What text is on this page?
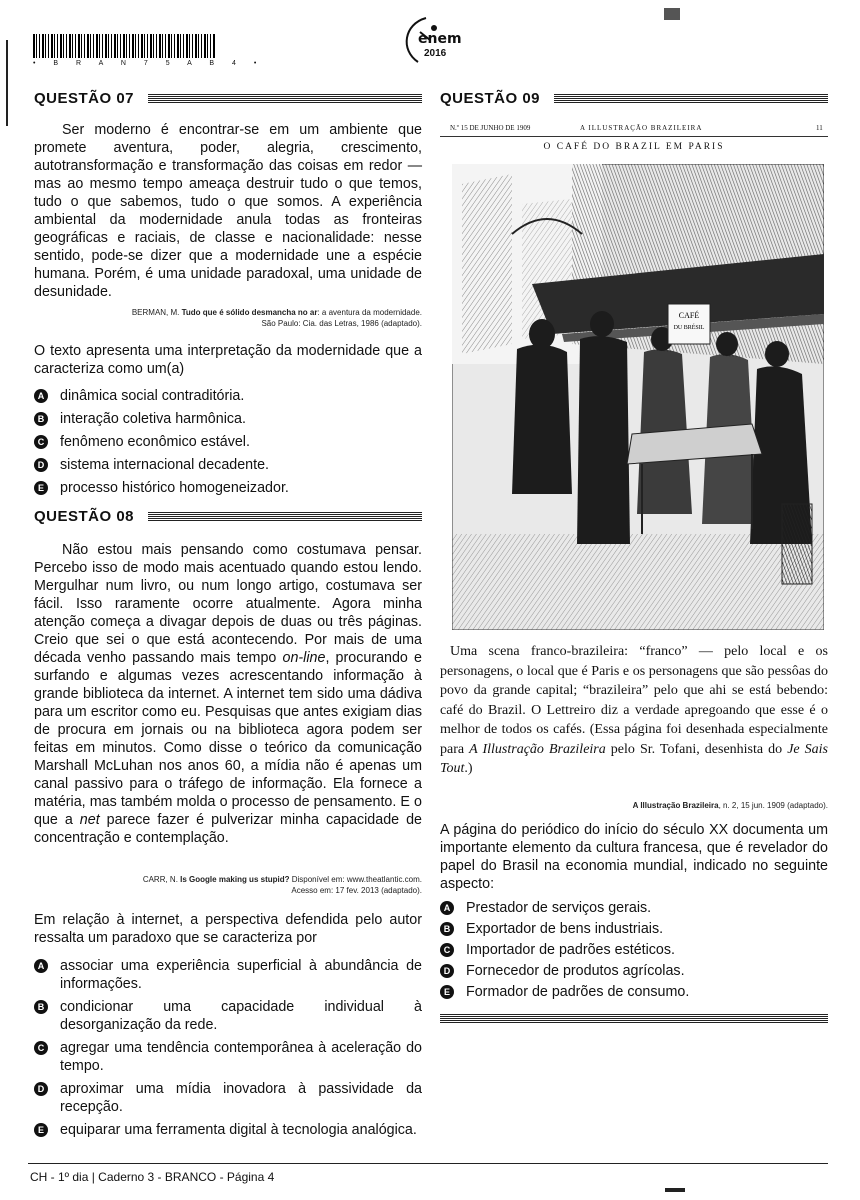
• B R A N 7 5 A B 4 •
enem
2016
QUESTÃO 07
Ser moderno é encontrar-se em um ambiente que promete aventura, poder, alegria, crescimento, autotransformação e transformação das coisas em redor — mas ao mesmo tempo ameaça destruir tudo o que temos, tudo o que sabemos, tudo o que somos. A experiência ambiental da modernidade anula todas as fronteiras geográficas e raciais, de classe e nacionalidade: nesse sentido, pode-se dizer que a modernidade une a espécie humana. Porém, é uma unidade paradoxal, uma unidade de desunidade.
BERMAN, M. Tudo que é sólido desmancha no ar: a aventura da modernidade.
São Paulo: Cia. das Letras, 1986 (adaptado).
O texto apresenta uma interpretação da modernidade que a caracteriza como um(a)
A dinâmica social contraditória.
B interação coletiva harmônica.
C fenômeno econômico estável.
D sistema internacional decadente.
E processo histórico homogeneizador.
QUESTÃO 08
Não estou mais pensando como costumava pensar. Percebo isso de modo mais acentuado quando estou lendo. Mergulhar num livro, ou num longo artigo, costumava ser fácil. Isso raramente ocorre atualmente. Agora minha atenção começa a divagar depois de duas ou três páginas. Creio que sei o que está acontecendo. Por mais de uma década venho passando mais tempo on-line, procurando e surfando e algumas vezes acrescentando informação à grande biblioteca da internet. A internet tem sido uma dádiva para um escritor como eu. Pesquisas que antes exigiam dias de procura em jornais ou na biblioteca agora podem ser feitas em minutos. Como disse o teórico da comunicação Marshall McLuhan nos anos 60, a mídia não é apenas um canal passivo para o tráfego de informação. Ela fornece a matéria, mas também molda o processo de pensamento. E o que a net parece fazer é pulverizar minha capacidade de concentração e contemplação.
CARR, N. Is Google making us stupid? Disponível em: www.theatlantic.com.
Acesso em: 17 fev. 2013 (adaptado).
Em relação à internet, a perspectiva defendida pelo autor ressalta um paradoxo que se caracteriza por
A associar uma experiência superficial à abundância de informações.
B condicionar uma capacidade individual à desorganização da rede.
C agregar uma tendência contemporânea à aceleração do tempo.
D aproximar uma mídia inovadora à passividade da recepção.
E equiparar uma ferramenta digital à tecnologia analógica.
QUESTÃO 09
N.º 15 DE JUNHO DE 1909	A ILLUSTRAÇÃO BRAZILEIRA	11
O CAFÉ DO BRAZIL EM PARIS
CAFÉ
DU BRÉSIL
Uma scena franco-brazileira: “franco” — pelo local e os personagens, o local que é Paris e os personagens que são pessôas do povo da grande capital; “brazileira” pelo que ahi se está bebendo: café do Brazil. O Lettreiro diz a verdade apregoando que esse é o melhor de todos os cafés. (Essa página foi desenhada especialmente para A Illustração Brazileira pelo Sr. Tofani, desenhista do Je Sais Tout.)
A Illustração Brazileira, n. 2, 15 jun. 1909 (adaptado).
A página do periódico do início do século XX documenta um importante elemento da cultura francesa, que é revelador do papel do Brasil na economia mundial, indicado no seguinte aspecto:
A Prestador de serviços gerais.
B Exportador de bens industriais.
C Importador de padrões estéticos.
D Fornecedor de produtos agrícolas.
E Formador de padrões de consumo.
CH - 1º dia | Caderno 3 - BRANCO - Página 4
